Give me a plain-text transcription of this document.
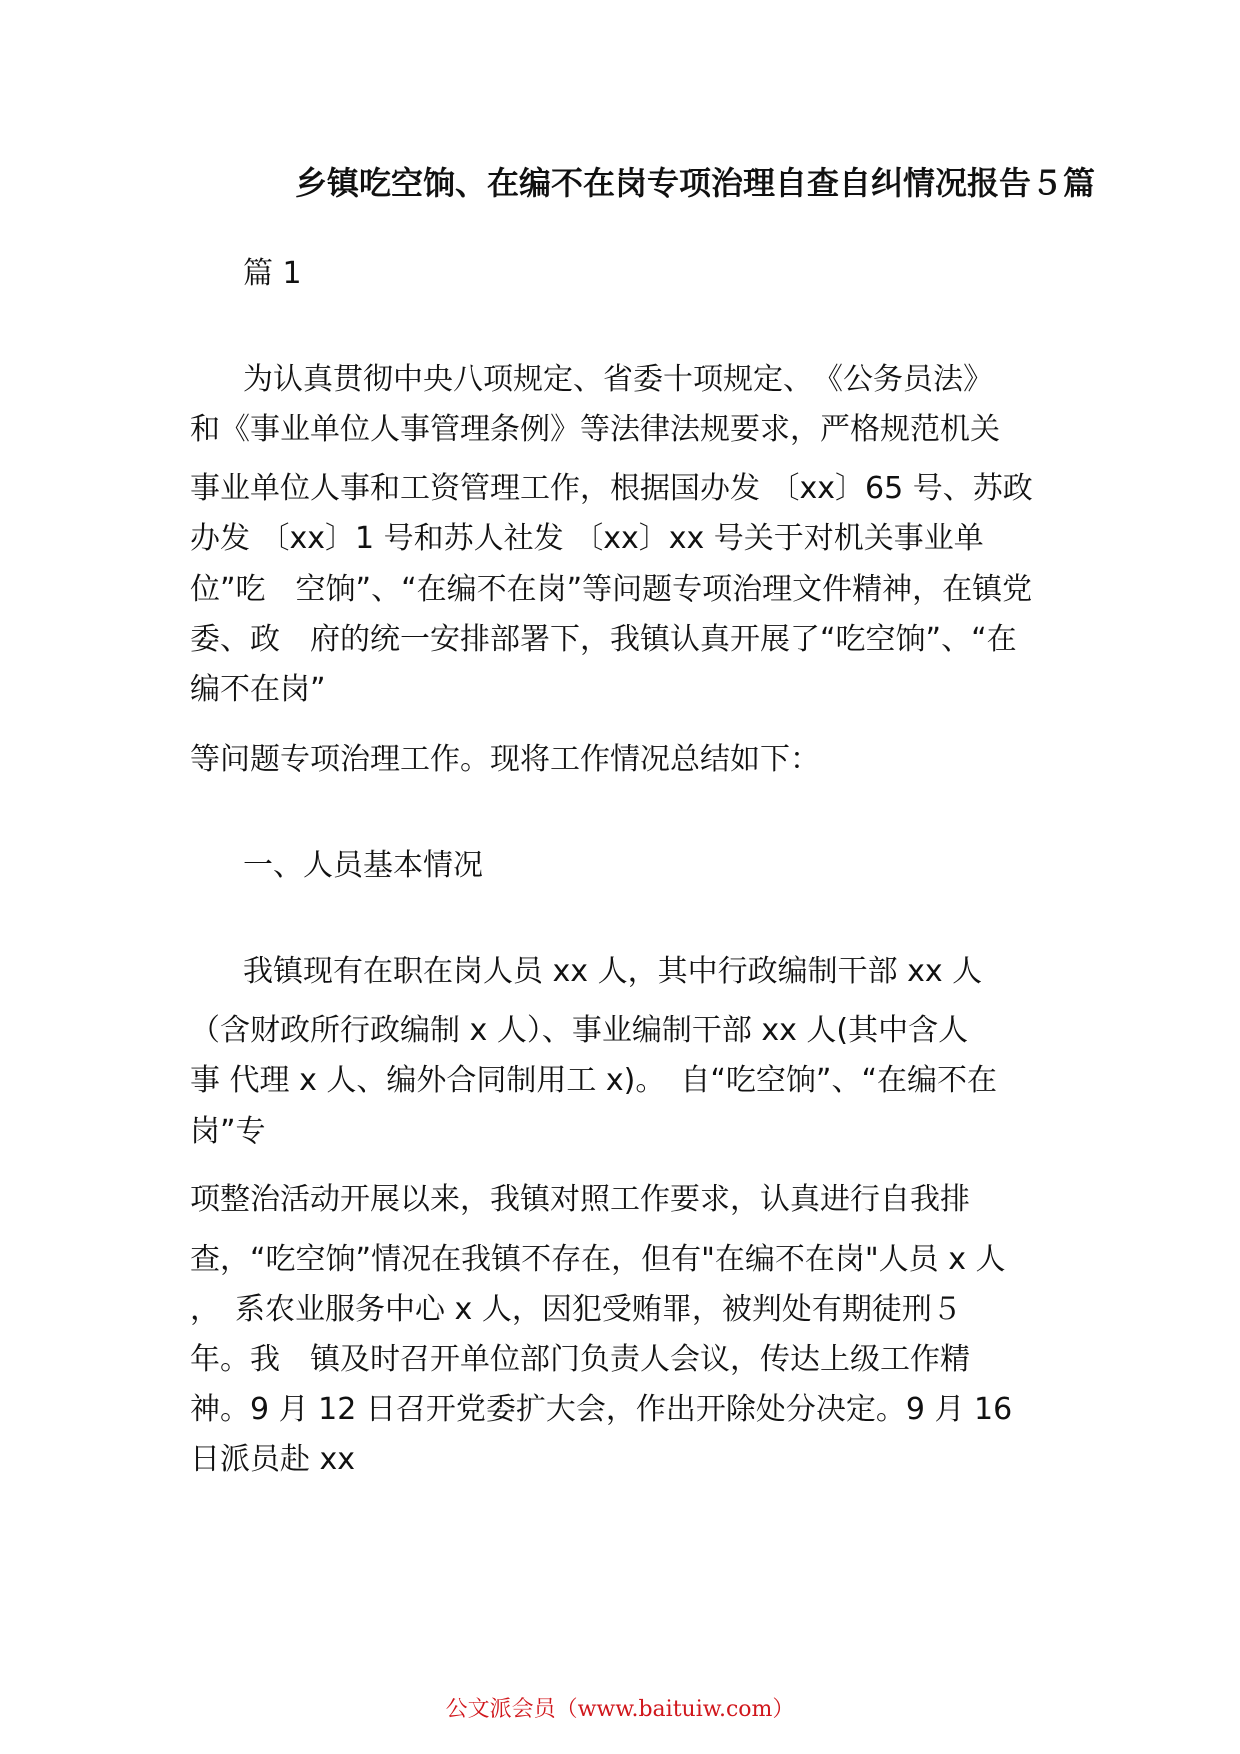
乡镇吃空饷、在编不在岗专项治理自查自纠情况报告５篇
篇 1
为认真贯彻中央八项规定、省委十项规定、　《公务员法》
和《事业单位人事管理条例》等法律法规要求，严格规范机关
事业单位人事和工资管理工作，根据国办发 〔xx〕65 号、苏政
办发 〔xx〕1 号和苏人社发 〔xx〕xx 号关于对机关事业单
位”吃　空饷”、“在编不在岗”等问题专项治理文件精神，在镇党
委、政　府的统一安排部署下，我镇认真开展了“吃空饷”、“在
编不在岗”
等问题专项治理工作。现将工作情况总结如下：
一、人员基本情况
我镇现有在职在岗人员 xx 人，其中行政编制干部 xx 人
（含财政所行政编制 x 人）、事业编制干部 xx 人(其中含人
事 代理 x 人、编外合同制用工 x)。　自“吃空饷”、“在编不在
岗”专
项整治活动开展以来，我镇对照工作要求，认真进行自我排
查，“吃空饷”情况在我镇不存在，但有"在编不在岗"人员 x 人
，　系农业服务中心 x 人，因犯受贿罪，被判处有期徒刑５
年。我　镇及时召开单位部门负责人会议，传达上级工作精
神。9 月 12 日召开党委扩大会，作出开除处分决定。9 月 16
日派员赴 xx
公文派会员（www.baituiw.com）
